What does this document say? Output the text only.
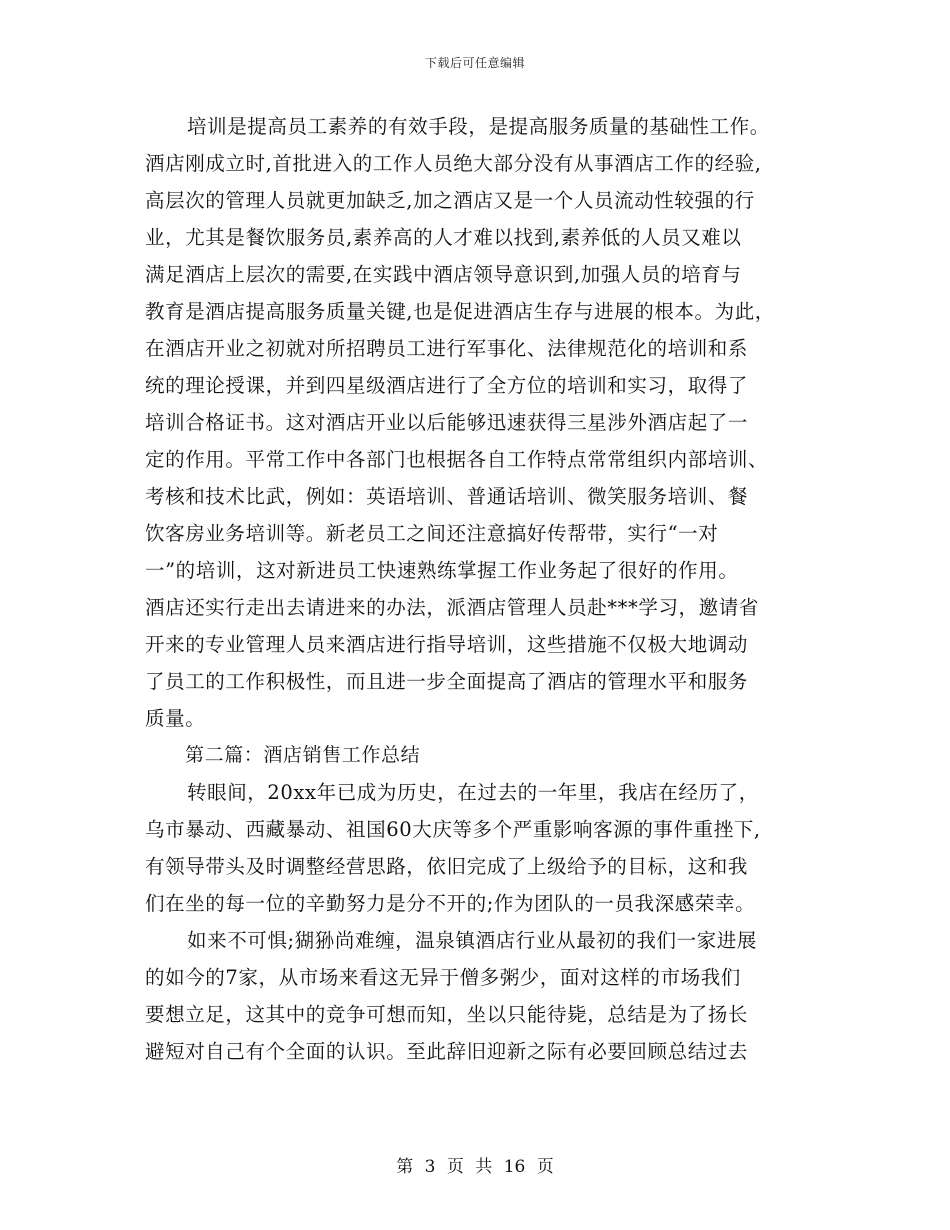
下载后可任意编辑
培训是提高员工素养的有效手段，是提高服务质量的基础性工作。
酒店刚成立时,首批进入的工作人员绝大部分没有从事酒店工作的经验,
高层次的管理人员就更加缺乏,加之酒店又是一个人员流动性较强的行
业，尤其是餐饮服务员,素养高的人才难以找到,素养低的人员又难以
满足酒店上层次的需要,在实践中酒店领导意识到,加强人员的培育与
教育是酒店提高服务质量关键,也是促进酒店生存与进展的根本。为此，
在酒店开业之初就对所招聘员工进行军事化、法律规范化的培训和系
统的理论授课，并到四星级酒店进行了全方位的培训和实习，取得了
培训合格证书。这对酒店开业以后能够迅速获得三星涉外酒店起了一
定的作用。平常工作中各部门也根据各自工作特点常常组织内部培训、
考核和技术比武，例如：英语培训、普通话培训、微笑服务培训、餐
饮客房业务培训等。新老员工之间还注意搞好传帮带，实行“一对
一”的培训，这对新进员工快速熟练掌握工作业务起了很好的作用。
酒店还实行走出去请进来的办法，派酒店管理人员赴***学习，邀请省
开来的专业管理人员来酒店进行指导培训，这些措施不仅极大地调动
了员工的工作积极性，而且进一步全面提高了酒店的管理水平和服务
质量。
第二篇：酒店销售工作总结
转眼间，20xx年已成为历史，在过去的一年里，我店在经历了，
乌市暴动、西藏暴动、祖国60大庆等多个严重影响客源的事件重挫下,
有领导带头及时调整经营思路，依旧完成了上级给予的目标，这和我
们在坐的每一位的辛勤努力是分不开的;作为团队的一员我深感荣幸。
如来不可惧;猢狲尚难缠，温泉镇酒店行业从最初的我们一家进展
的如今的7家，从市场来看这无异于僧多粥少，面对这样的市场我们
要想立足，这其中的竞争可想而知，坐以只能待毙，总结是为了扬长
避短对自己有个全面的认识。至此辞旧迎新之际有必要回顾总结过去
第 3 页 共 16 页
